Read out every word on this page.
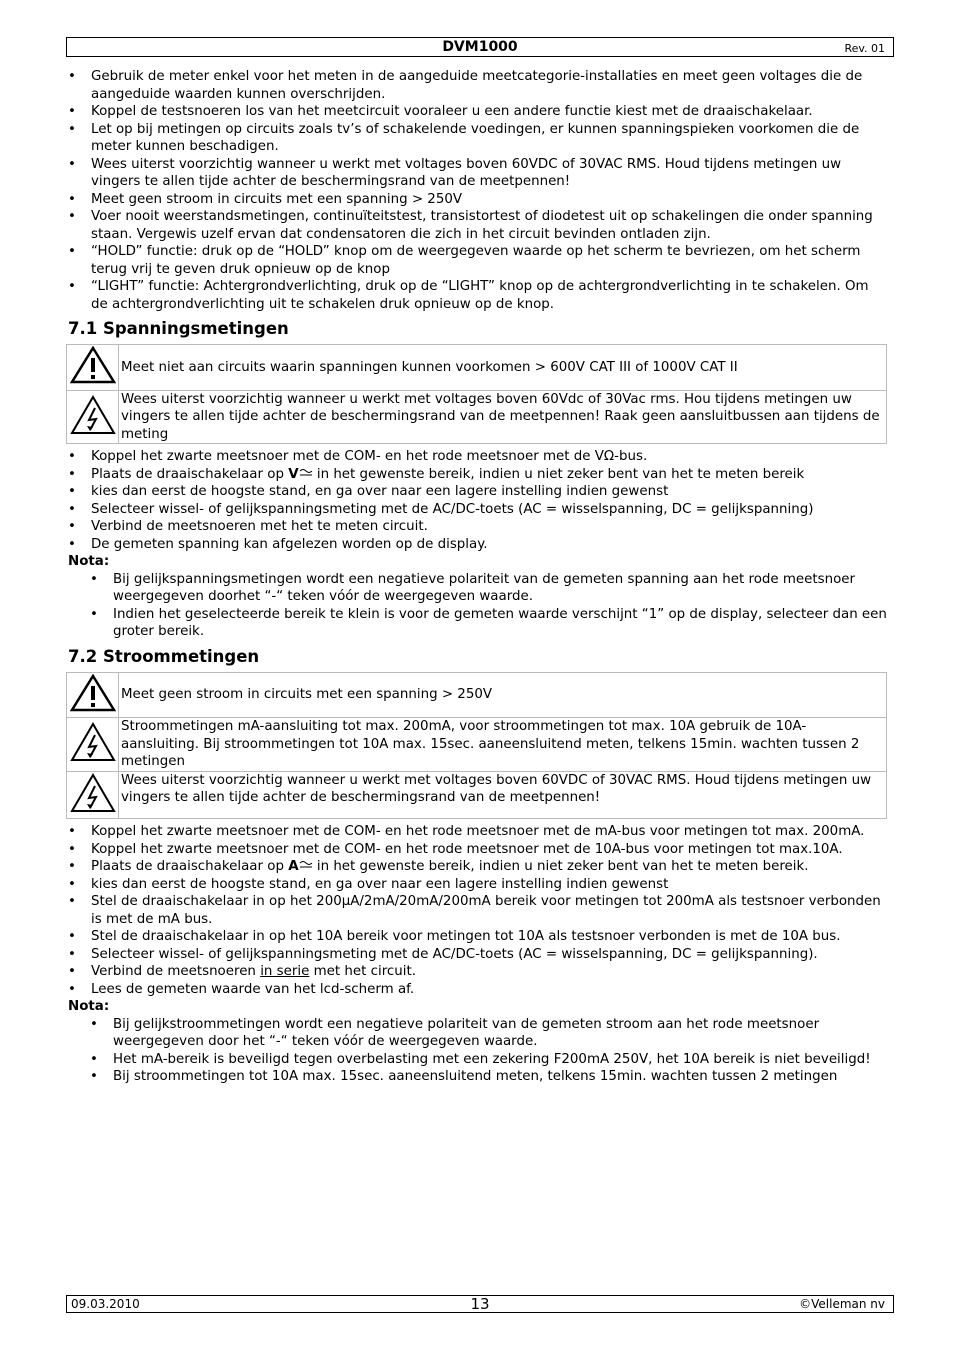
DVM1000	Rev. 01
• Gebruik de meter enkel voor het meten in de aangeduide meetcategorie-installaties en meet geen voltages die de aangeduide waarden kunnen overschrijden.
• Koppel de testsnoeren los van het meetcircuit vooraleer u een andere functie kiest met de draaischakelaar.
• Let op bij metingen op circuits zoals tv’s of schakelende voedingen, er kunnen spanningspieken voorkomen die de meter kunnen beschadigen.
• Wees uiterst voorzichtig wanneer u werkt met voltages boven 60VDC of 30VAC RMS. Houd tijdens metingen uw vingers te allen tijde achter de beschermingsrand van de meetpennen!
• Meet geen stroom in circuits met een spanning > 250V
• Voer nooit weerstandsmetingen, continuïteitstest, transistortest of diodetest uit op schakelingen die onder spanning staan. Vergewis uzelf ervan dat condensatoren die zich in het circuit bevinden ontladen zijn.
• “HOLD” functie: druk op de “HOLD” knop om de weergegeven waarde op het scherm te bevriezen, om het scherm terug vrij te geven druk opnieuw op de knop
• “LIGHT” functie: Achtergrondverlichting, druk op de “LIGHT” knop op de achtergrondverlichting in te schakelen. Om de achtergrondverlichting uit te schakelen druk opnieuw op de knop.
7.1 Spanningsmetingen
	Meet niet aan circuits waarin spanningen kunnen voorkomen > 600V CAT III of 1000V CAT II
	Wees uiterst voorzichtig wanneer u werkt met voltages boven 60Vdc of 30Vac rms. Hou tijdens metingen uw vingers te allen tijde achter de beschermingsrand van de meetpennen! Raak geen aansluitbussen aan tijdens de meting
• Koppel het zwarte meetsnoer met de COM- en het rode meetsnoer met de VΩ-bus.
• Plaats de draaischakelaar op V in het gewenste bereik, indien u niet zeker bent van het te meten bereik
• kies dan eerst de hoogste stand, en ga over naar een lagere instelling indien gewenst
• Selecteer wissel- of gelijkspanningsmeting met de AC/DC-toets (AC = wisselspanning, DC = gelijkspanning)
• Verbind de meetsnoeren met het te meten circuit.
• De gemeten spanning kan afgelezen worden op de display.
Nota:
• Bij gelijkspanningsmetingen wordt een negatieve polariteit van de gemeten spanning aan het rode meetsnoer weergegeven doorhet “-“ teken vóór de weergegeven waarde.
• Indien het geselecteerde bereik te klein is voor de gemeten waarde verschijnt “1” op de display, selecteer dan een groter bereik.
7.2 Stroommetingen
	Meet geen stroom in circuits met een spanning > 250V
	Stroommetingen mA-aansluiting tot max. 200mA, voor stroommetingen tot max. 10A gebruik de 10A-aansluiting. Bij stroommetingen tot 10A max. 15sec. aaneensluitend meten, telkens 15min. wachten tussen 2 metingen
	Wees uiterst voorzichtig wanneer u werkt met voltages boven 60VDC of 30VAC RMS. Houd tijdens metingen uw vingers te allen tijde achter de beschermingsrand van de meetpennen!
• Koppel het zwarte meetsnoer met de COM- en het rode meetsnoer met de mA-bus voor metingen tot max. 200mA.
• Koppel het zwarte meetsnoer met de COM- en het rode meetsnoer met de 10A-bus voor metingen tot max.10A.
• Plaats de draaischakelaar op A in het gewenste bereik, indien u niet zeker bent van het te meten bereik.
• kies dan eerst de hoogste stand, en ga over naar een lagere instelling indien gewenst
• Stel de draaischakelaar in op het 200µA/2mA/20mA/200mA bereik voor metingen tot 200mA als testsnoer verbonden is met de mA bus.
• Stel de draaischakelaar in op het 10A bereik voor metingen tot 10A als testsnoer verbonden is met de 10A bus.
• Selecteer wissel- of gelijkspanningsmeting met de AC/DC-toets (AC = wisselspanning, DC = gelijkspanning).
• Verbind de meetsnoeren in serie met het circuit.
• Lees de gemeten waarde van het lcd-scherm af.
Nota:
• Bij gelijkstroommetingen wordt een negatieve polariteit van de gemeten stroom aan het rode meetsnoer weergegeven door het “-“ teken vóór de weergegeven waarde.
• Het mA-bereik is beveiligd tegen overbelasting met een zekering F200mA 250V, het 10A bereik is niet beveiligd!
• Bij stroommetingen tot 10A max. 15sec. aaneensluitend meten, telkens 15min. wachten tussen 2 metingen
09.03.2010	13	©Velleman nv
